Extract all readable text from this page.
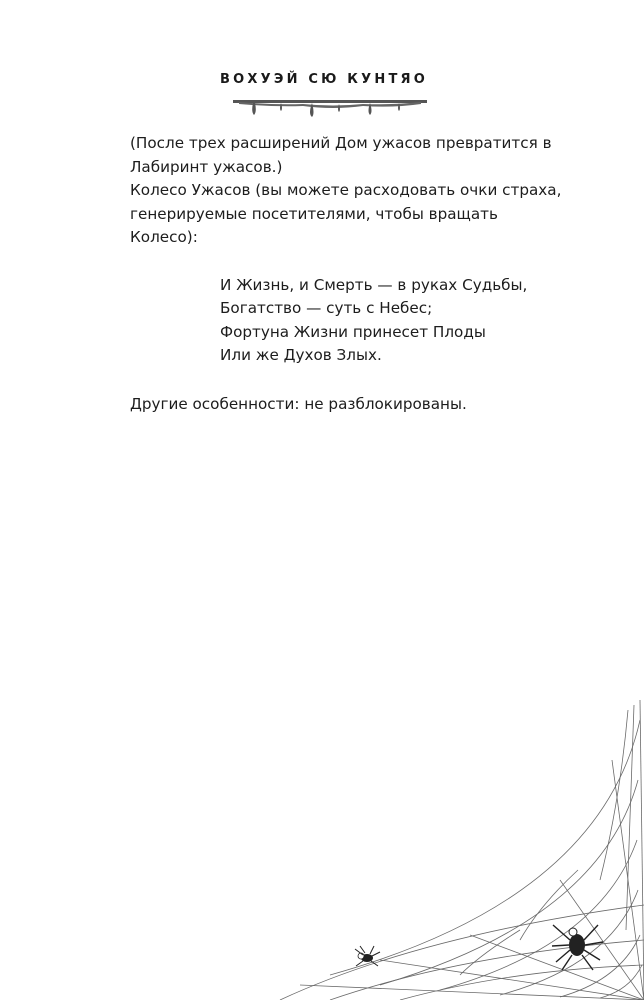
ВОХУЭЙ СЮ КУНТЯО

(После трех расширений Дом ужасов превратится в Лабиринт ужасов.)

Колесо Ужасов (вы можете расходовать очки страха, генерируемые посетителями, чтобы вращать Колесо):

И Жизнь, и Смерть — в руках Судьбы,
Богатство — суть с Небес;
Фортуна Жизни принесет Плоды
Или же Духов Злых.

Другие особенности: не разблокированы.
